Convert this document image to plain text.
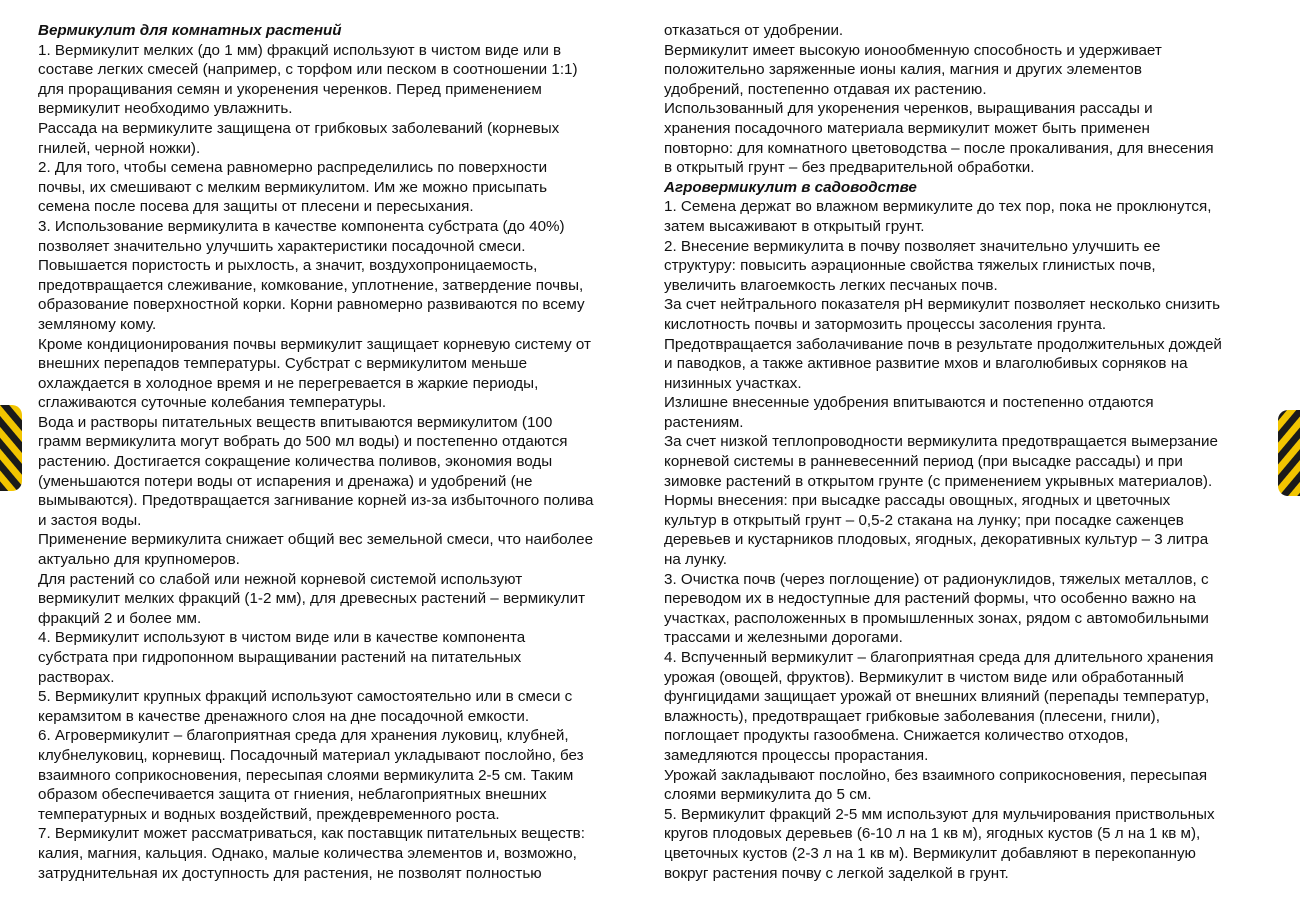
Вермикулит для комнатных растений

1. Вермикулит мелких (до 1 мм) фракций используют в чистом виде или в

составе легких смесей (например, с торфом или песком в соотношении 1:1)

для проращивания семян и укоренения черенков. Перед применением

вермикулит необходимо увлажнить.

Рассада на вермикулите защищена от грибковых заболеваний (корневых

гнилей, черной ножки).

2. Для того, чтобы семена равномерно распределились по поверхности

почвы, их смешивают с мелким вермикулитом. Им же можно присыпать

семена после посева для защиты от плесени и пересыхания.

3. Использование вермикулита в качестве компонента субстрата (до 40%)

позволяет значительно улучшить характеристики посадочной смеси.

Повышается пористость и рыхлость, а значит, воздухопроницаемость,

предотвращается слеживание, комкование, уплотнение, затвердение почвы,

образование поверхностной корки. Корни равномерно развиваются по всему

земляному кому.

Кроме кондиционирования почвы вермикулит защищает корневую систему от

внешних перепадов температуры. Субстрат с вермикулитом меньше

охлаждается в холодное время и не перегревается в жаркие периоды,

сглаживаются суточные колебания температуры.

Вода и растворы питательных веществ впитываются вермикулитом (100

грамм вермикулита могут вобрать до 500 мл воды) и постепенно отдаются

растению. Достигается сокращение количества поливов, экономия воды

(уменьшаются потери воды от испарения и дренажа) и удобрений (не

вымываются). Предотвращается загнивание корней из-за избыточного полива

и застоя воды.

Применение вермикулита снижает общий вес земельной смеси, что наиболее

актуально для крупномеров.

Для растений со слабой или нежной корневой системой используют

вермикулит мелких фракций (1-2 мм), для древесных растений – вермикулит

фракций 2 и более мм.

4. Вермикулит используют в чистом виде или в качестве компонента

субстрата при гидропонном выращивании растений на питательных

растворах.

5. Вермикулит крупных фракций используют самостоятельно или в смеси с

керамзитом в качестве дренажного слоя на дне посадочной емкости.

6. Агровермикулит – благоприятная среда для хранения луковиц, клубней,

клубнелуковиц, корневищ. Посадочный материал укладывают послойно, без

взаимного соприкосновения, пересыпая слоями вермикулита 2-5 см. Таким

образом обеспечивается защита от гниения, неблагоприятных внешних

температурных и водных воздействий, преждевременного роста.

7. Вермикулит может рассматриваться, как поставщик питательных веществ:

калия, магния, кальция. Однако, малые количества элементов и, возможно,

затруднительная их доступность для растения, не позволят полностью

отказаться от удобрении.

Вермикулит имеет высокую ионообменную способность и удерживает

положительно заряженные ионы калия, магния и других элементов

удобрений, постепенно отдавая их растению.

Использованный для укоренения черенков, выращивания рассады и

хранения посадочного материала вермикулит может быть применен

повторно: для комнатного цветоводства – после прокаливания, для внесения

в открытый грунт – без предварительной обработки.

Агровермикулит в садоводстве

1. Семена держат во влажном вермикулите до тех пор, пока не проклюнутся,

затем высаживают в открытый грунт.

2. Внесение вермикулита в почву позволяет значительно улучшить ее

структуру: повысить аэрационные свойства тяжелых глинистых почв,

увеличить влагоемкость легких песчаных почв.

За счет нейтрального показателя рН вермикулит позволяет несколько снизить

кислотность почвы и затормозить процессы засоления грунта.

Предотвращается заболачивание почв в результате продолжительных дождей

и паводков, а также активное развитие мхов и влаголюбивых сорняков на

низинных участках.

Излишне внесенные удобрения впитываются и постепенно отдаются

растениям.

За счет низкой теплопроводности вермикулита предотвращается вымерзание

корневой системы в ранневесенний период (при высадке рассады) и при

зимовке растений в открытом грунте (с применением укрывных материалов).

Нормы внесения: при высадке рассады овощных, ягодных и цветочных

культур в открытый грунт – 0,5-2 стакана на лунку; при посадке саженцев

деревьев и кустарников плодовых, ягодных, декоративных культур – 3 литра

на лунку.

3. Очистка почв (через поглощение) от радионуклидов, тяжелых металлов, с

переводом их в недоступные для растений формы, что особенно важно на

участках, расположенных в промышленных зонах, рядом с автомобильными

трассами и железными дорогами.

4. Вспученный вермикулит – благоприятная среда для длительного хранения

урожая (овощей, фруктов). Вермикулит в чистом виде или обработанный

фунгицидами защищает урожай от внешних влияний (перепады температур,

влажность), предотвращает грибковые заболевания (плесени, гнили),

поглощает продукты газообмена. Снижается количество отходов,

замедляются процессы прорастания.

Урожай закладывают послойно, без взаимного соприкосновения, пересыпая

слоями вермикулита до 5 см.

5. Вермикулит фракций 2-5 мм используют для мульчирования приствольных

кругов плодовых деревьев (6-10 л на 1 кв м), ягодных кустов (5 л на 1 кв м),

цветочных кустов (2-3 л на 1 кв м). Вермикулит добавляют в перекопанную

вокруг растения почву с легкой заделкой в грунт.
